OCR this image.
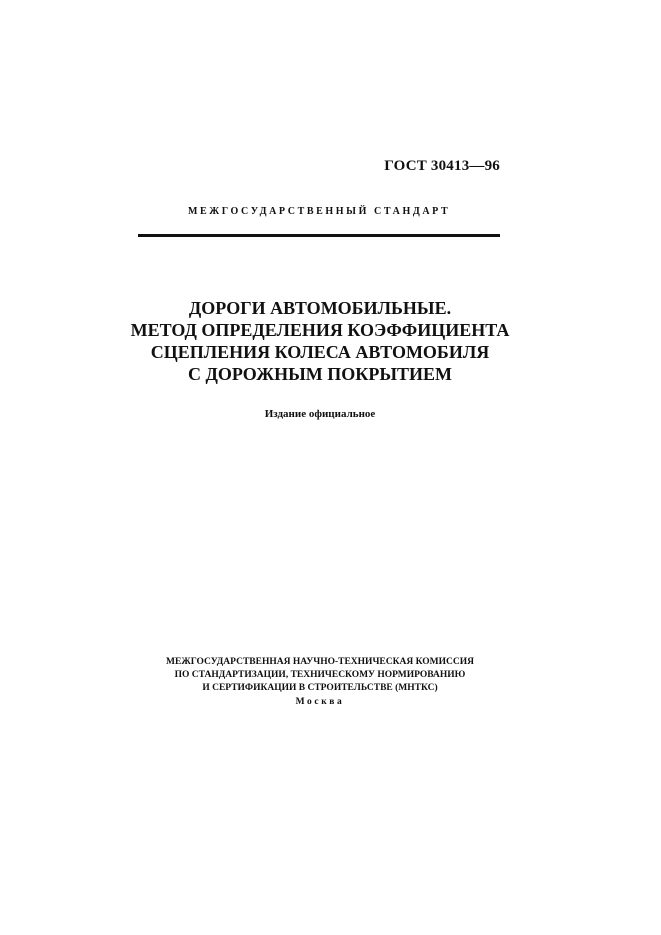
ГОСТ 30413—96
МЕЖГОСУДАРСТВЕННЫЙ СТАНДАРТ
ДОРОГИ АВТОМОБИЛЬНЫЕ.
МЕТОД ОПРЕДЕЛЕНИЯ КОЭФФИЦИЕНТА
СЦЕПЛЕНИЯ КОЛЕСА АВТОМОБИЛЯ
С ДОРОЖНЫМ ПОКРЫТИЕМ
Издание официальное
МЕЖГОСУДАРСТВЕННАЯ НАУЧНО-ТЕХНИЧЕСКАЯ КОМИССИЯ
ПО СТАНДАРТИЗАЦИИ, ТЕХНИЧЕСКОМУ НОРМИРОВАНИЮ
И СЕРТИФИКАЦИИ В СТРОИТЕЛЬСТВЕ (МНТКС)
Москва
